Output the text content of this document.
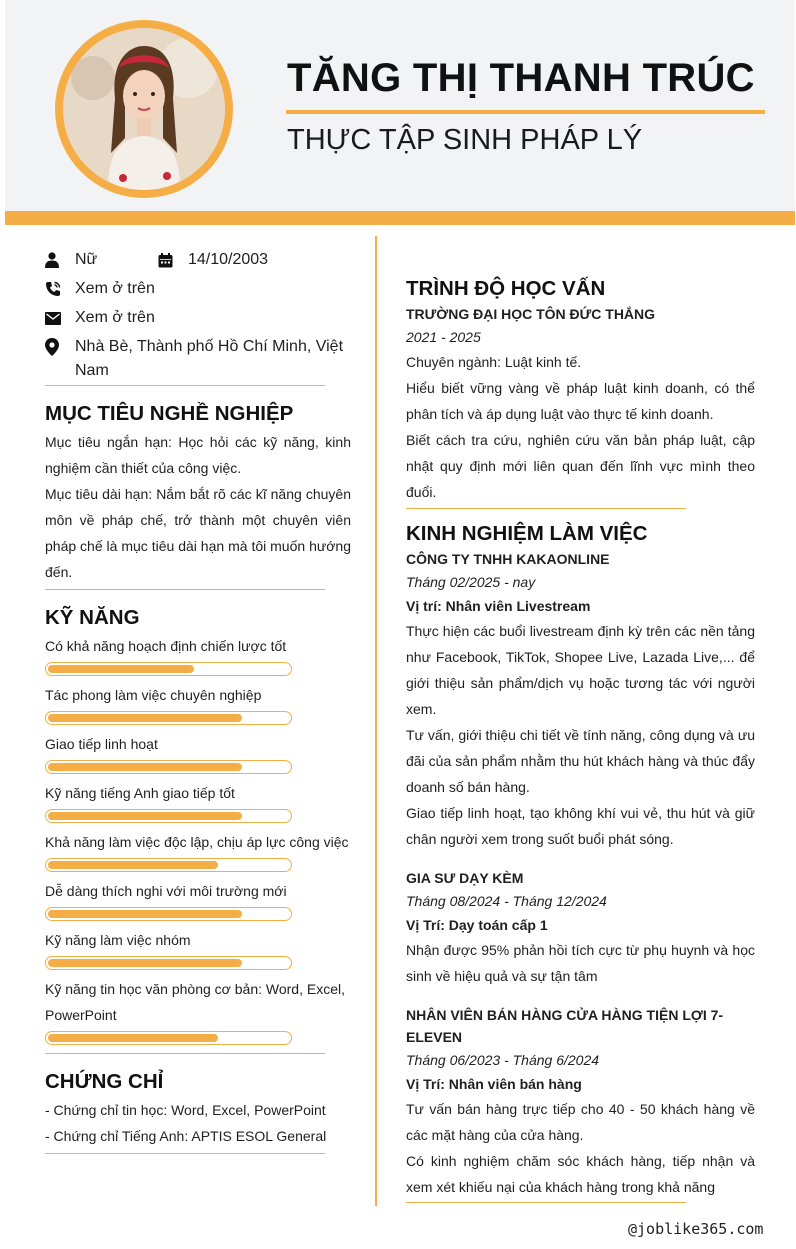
TĂNG THỊ THANH TRÚC
THỰC TẬP SINH PHÁP LÝ
Nữ	14/10/2003
Xem ở trên
Xem ở trên
Nhà Bè, Thành phố Hồ Chí Minh, Việt Nam
MỤC TIÊU NGHỀ NGHIỆP

Mục tiêu ngắn hạn: Học hỏi các kỹ năng, kinh nghiệm cần thiết của công việc.

Mục tiêu dài hạn: Nắm bắt rõ các kĩ năng chuyên môn về pháp chế, trở thành một chuyên viên pháp chế là mục tiêu dài hạn mà tôi muốn hướng đến.

KỸ NĂNG
Có khả năng hoạch định chiến lược tốt
Tác phong làm việc chuyên nghiệp
Giao tiếp linh hoạt
Kỹ năng tiếng Anh giao tiếp tốt
Khả năng làm việc độc lập, chịu áp lực công việc
Dễ dàng thích nghi với môi trường mới
Kỹ năng làm việc nhóm
Kỹ năng tin học văn phòng cơ bản: Word, Excel, PowerPoint
CHỨNG CHỈ
- Chứng chỉ tin học: Word, Excel, PowerPoint
- Chứng chỉ Tiếng Anh: APTIS ESOL General
TRÌNH ĐỘ HỌC VẤN
TRƯỜNG ĐẠI HỌC TÔN ĐỨC THẮNG
2021 - 2025

Chuyên ngành: Luật kinh tế.

Hiểu biết vững vàng về pháp luật kinh doanh, có thể phân tích và áp dụng luật vào thực tế kinh doanh.

Biết cách tra cứu, nghiên cứu văn bản pháp luật, cập nhật quy định mới liên quan đến lĩnh vực mình theo đuổi.

KINH NGHIỆM LÀM VIỆC
CÔNG TY TNHH KAKAONLINE
Tháng 02/2025 - nay
Vị trí: Nhân viên Livestream

Thực hiện các buổi livestream định kỳ trên các nền tảng như Facebook, TikTok, Shopee Live, Lazada Live,... để giới thiệu sản phẩm/dịch vụ hoặc tương tác với người xem.

Tư vấn, giới thiệu chi tiết về tính năng, công dụng và ưu đãi của sản phẩm nhằm thu hút khách hàng và thúc đẩy doanh số bán hàng.

Giao tiếp linh hoạt, tạo không khí vui vẻ, thu hút và giữ chân người xem trong suốt buổi phát sóng.

GIA SƯ DẠY KÈM
Tháng 08/2024 - Tháng 12/2024
Vị Trí: Dạy toán cấp 1

Nhận được 95% phản hồi tích cực từ phụ huynh và học sinh về hiệu quả và sự tận tâm

NHÂN VIÊN BÁN HÀNG CỬA HÀNG TIỆN LỢI 7-ELEVEN
Tháng 06/2023 - Tháng 6/2024
Vị Trí: Nhân viên bán hàng

Tư vấn bán hàng trực tiếp cho 40 - 50 khách hàng về các mặt hàng của cửa hàng.

Có kinh nghiệm chăm sóc khách hàng, tiếp nhận và xem xét khiếu nại của khách hàng trong khả năng

@joblike365.com
